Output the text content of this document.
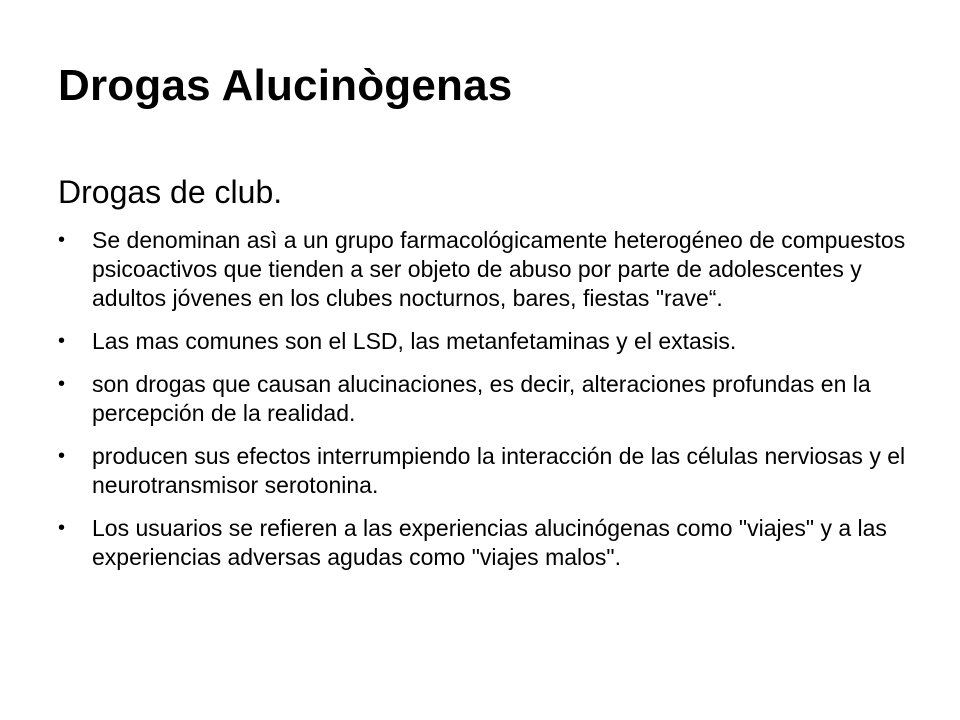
Drogas Alucinògenas
Drogas de club.
•	Se denominan asì a un grupo farmacológicamente heterogéneo de compuestos psicoactivos que tienden a ser objeto de abuso por parte de adolescentes y adultos jóvenes en los clubes nocturnos, bares, fiestas "rave“.
•	Las mas comunes son el LSD, las metanfetaminas y el extasis.
•	son drogas que causan alucinaciones, es decir, alteraciones profundas en la percepción de la realidad.
•	producen sus efectos interrumpiendo la interacción de las células nerviosas y el neurotransmisor serotonina.
•	Los usuarios se refieren a las experiencias alucinógenas como "viajes" y a las experiencias adversas agudas como "viajes malos".
